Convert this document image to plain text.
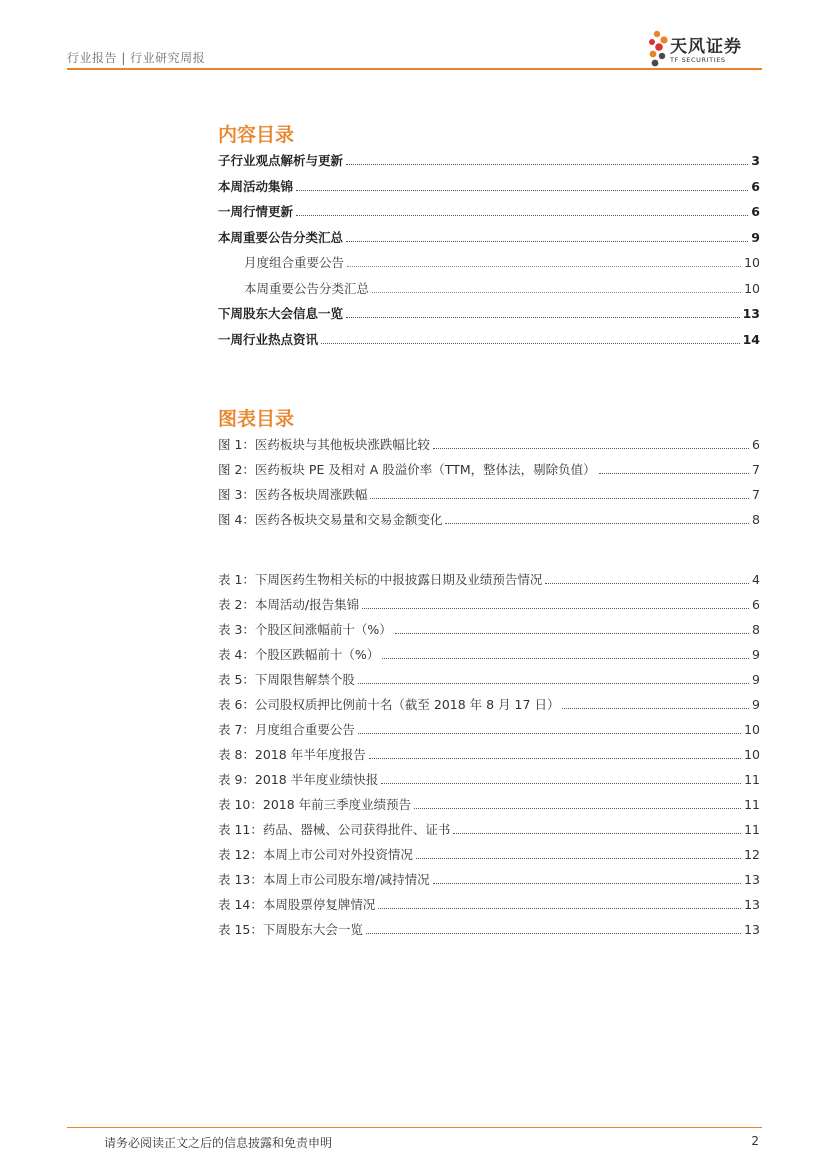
行业报告 | 行业研究周报
天风证券
TF SECURITIES
内容目录
子行业观点解析与更新	3
本周活动集锦	6
一周行情更新	6
本周重要公告分类汇总	9
月度组合重要公告	10
本周重要公告分类汇总	10
下周股东大会信息一览	13
一周行业热点资讯	14
图表目录
图 1：医药板块与其他板块涨跌幅比较	6
图 2：医药板块 PE 及相对 A 股溢价率（TTM，整体法，剔除负值）	7
图 3：医药各板块周涨跌幅	7
图 4：医药各板块交易量和交易金额变化	8
表 1：下周医药生物相关标的中报披露日期及业绩预告情况	4
表 2：本周活动/报告集锦	6
表 3：个股区间涨幅前十（%）	8
表 4：个股区跌幅前十（%）	9
表 5：下周限售解禁个股	9
表 6：公司股权质押比例前十名（截至 2018 年 8 月 17 日）	9
表 7：月度组合重要公告	10
表 8：2018 年半年度报告	10
表 9：2018 半年度业绩快报	11
表 10：2018 年前三季度业绩预告	11
表 11：药品、器械、公司获得批件、证书	11
表 12：本周上市公司对外投资情况	12
表 13：本周上市公司股东增/减持情况	13
表 14：本周股票停复牌情况	13
表 15：下周股东大会一览	13
请务必阅读正文之后的信息披露和免责申明	2
